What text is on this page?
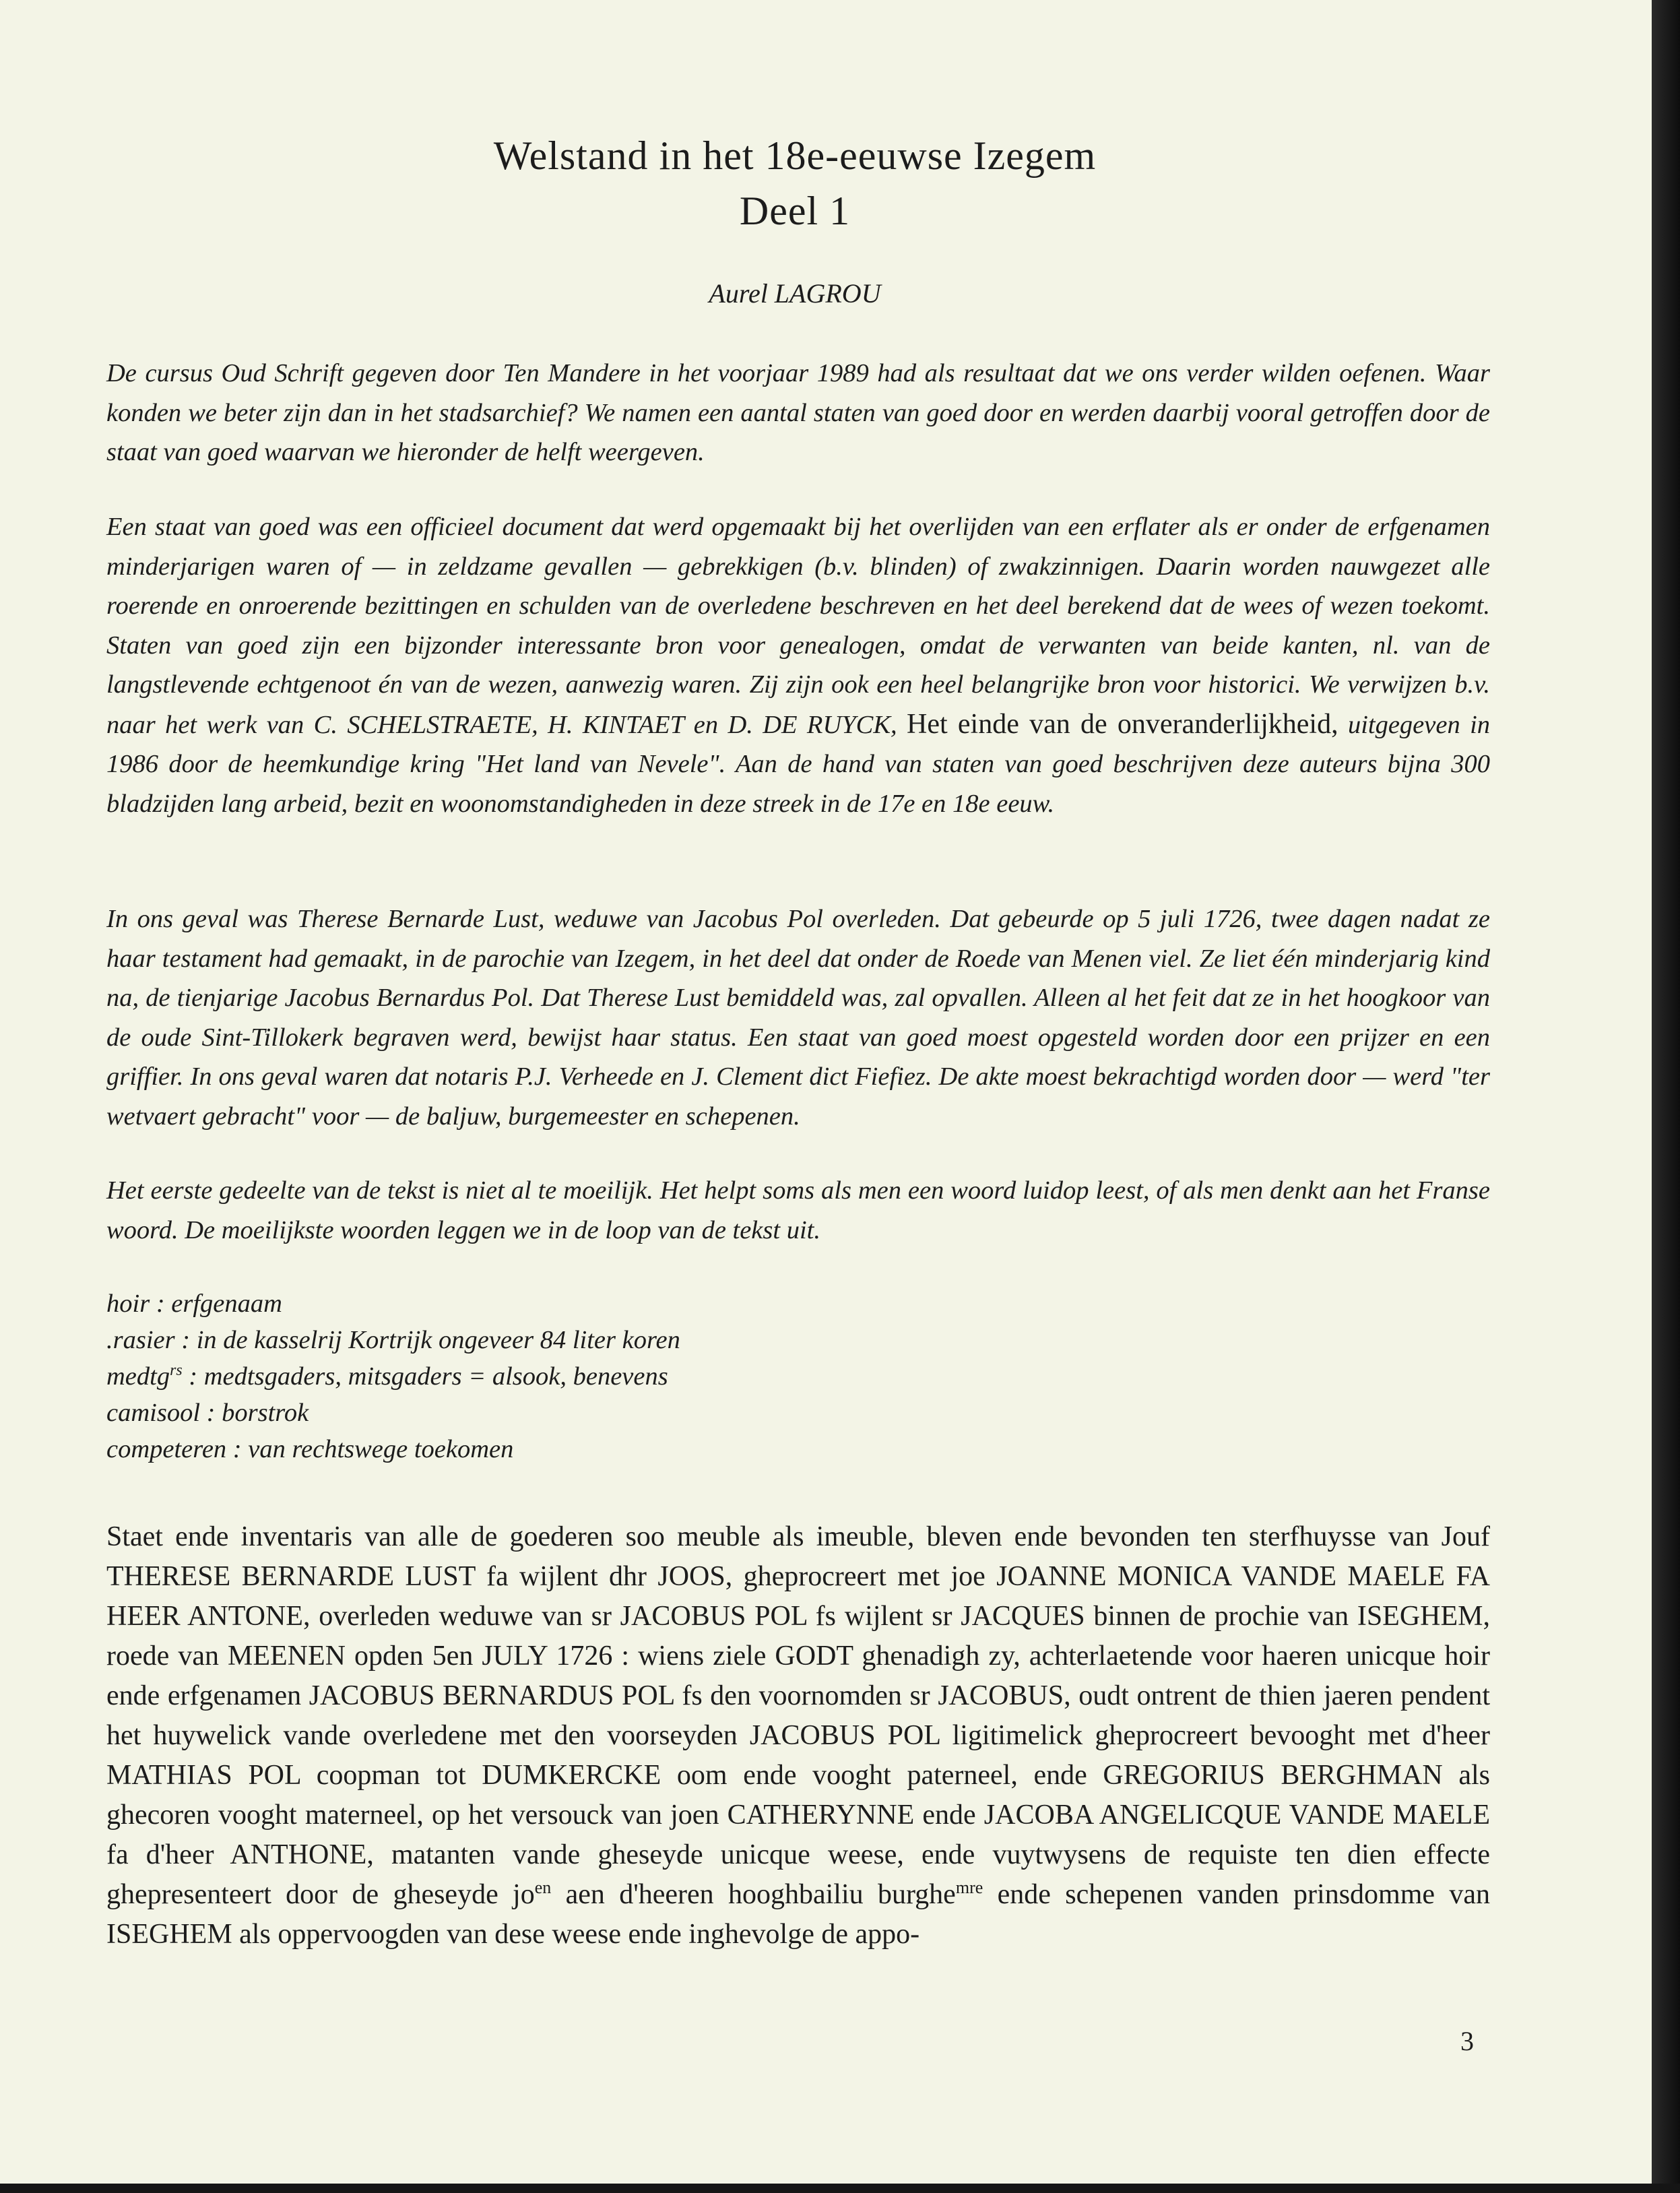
Welstand in het 18e-eeuwse Izegem
Deel 1
Aurel LAGROU

De cursus Oud Schrift gegeven door Ten Mandere in het voorjaar 1989 had als resultaat dat we ons verder wilden oefenen. Waar konden we beter zijn dan in het stadsarchief? We namen een aantal staten van goed door en werden daarbij vooral getroffen door de staat van goed waarvan we hieronder de helft weergeven.

Een staat van goed was een officieel document dat werd opgemaakt bij het overlijden van een erflater als er onder de erfgenamen minderjarigen waren of — in zeldzame gevallen — gebrekkigen (b.v. blinden) of zwakzinnigen. Daarin worden nauwgezet alle roerende en onroerende bezittingen en schulden van de overledene beschreven en het deel berekend dat de wees of wezen toekomt. Staten van goed zijn een bijzonder interessante bron voor genealogen, omdat de verwanten van beide kanten, nl. van de langstlevende echtgenoot én van de wezen, aanwezig waren. Zij zijn ook een heel belangrijke bron voor historici. We verwijzen b.v. naar het werk van C. SCHELSTRAETE, H. KINTAET en D. DE RUYCK, Het einde van de onveranderlijkheid, uitgegeven in 1986 door de heemkundige kring "Het land van Nevele". Aan de hand van staten van goed beschrijven deze auteurs bijna 300 bladzijden lang arbeid, bezit en woonomstandigheden in deze streek in de 17e en 18e eeuw.

In ons geval was Therese Bernarde Lust, weduwe van Jacobus Pol overleden. Dat gebeurde op 5 juli 1726, twee dagen nadat ze haar testament had gemaakt, in de parochie van Izegem, in het deel dat onder de Roede van Menen viel. Ze liet één minderjarig kind na, de tienjarige Jacobus Bernardus Pol. Dat Therese Lust bemiddeld was, zal opvallen. Alleen al het feit dat ze in het hoogkoor van de oude Sint-Tillokerk begraven werd, bewijst haar status. Een staat van goed moest opgesteld worden door een prijzer en een griffier. In ons geval waren dat notaris P.J. Verheede en J. Clement dict Fiefiez. De akte moest bekrachtigd worden door — werd "ter wetvaert gebracht" voor — de baljuw, burgemeester en schepenen.

Het eerste gedeelte van de tekst is niet al te moeilijk. Het helpt soms als men een woord luidop leest, of als men denkt aan het Franse woord. De moeilijkste woorden leggen we in de loop van de tekst uit.

hoir : erfgenaam

.rasier : in de kasselrij Kortrijk ongeveer 84 liter koren

medtg$^{rs}$ : medtsgaders, mitsgaders = alsook, benevens

camisool : borstrok

competeren : van rechtswege toekomen

Staet ende inventaris van alle de goederen soo meuble als imeuble, bleven ende bevonden ten sterfhuysse van Jouf THERESE BERNARDE LUST fa wijlent dhr JOOS, gheprocreert met joe JOANNE MONICA VANDE MAELE FA HEER ANTONE, overleden weduwe van sr JACOBUS POL fs wijlent sr JACQUES binnen de prochie van ISEGHEM, roede van MEENEN opden 5en JULY 1726 : wiens ziele GODT ghenadigh zy, achterlaetende voor haeren unicque hoir ende erfgenamen JACOBUS BERNARDUS POL fs den voornomden sr JACOBUS, oudt ontrent de thien jaeren pendent het huywelick vande overledene met den voorseyden JACOBUS POL ligitimelick gheprocreert bevooght met d'heer MATHIAS POL coopman tot DUMKERCKE oom ende vooght paterneel, ende GREGORIUS BERGHMAN als ghecoren vooght materneel, op het versouck van joen CATHERYNNE ende JACOBA ANGELICQUE VANDE MAELE fa d'heer ANTHONE, matanten vande gheseyde unicque weese, ende vuytwysens de requiste ten dien effecte ghepresenteert door de gheseyde $jo^{en}$ aen d'heeren hooghbailiu burghe$^{mre}$ ende schepenen vanden prinsdomme van ISEGHEM als oppervoogden van dese weese ende inghevolge de appo-

3
